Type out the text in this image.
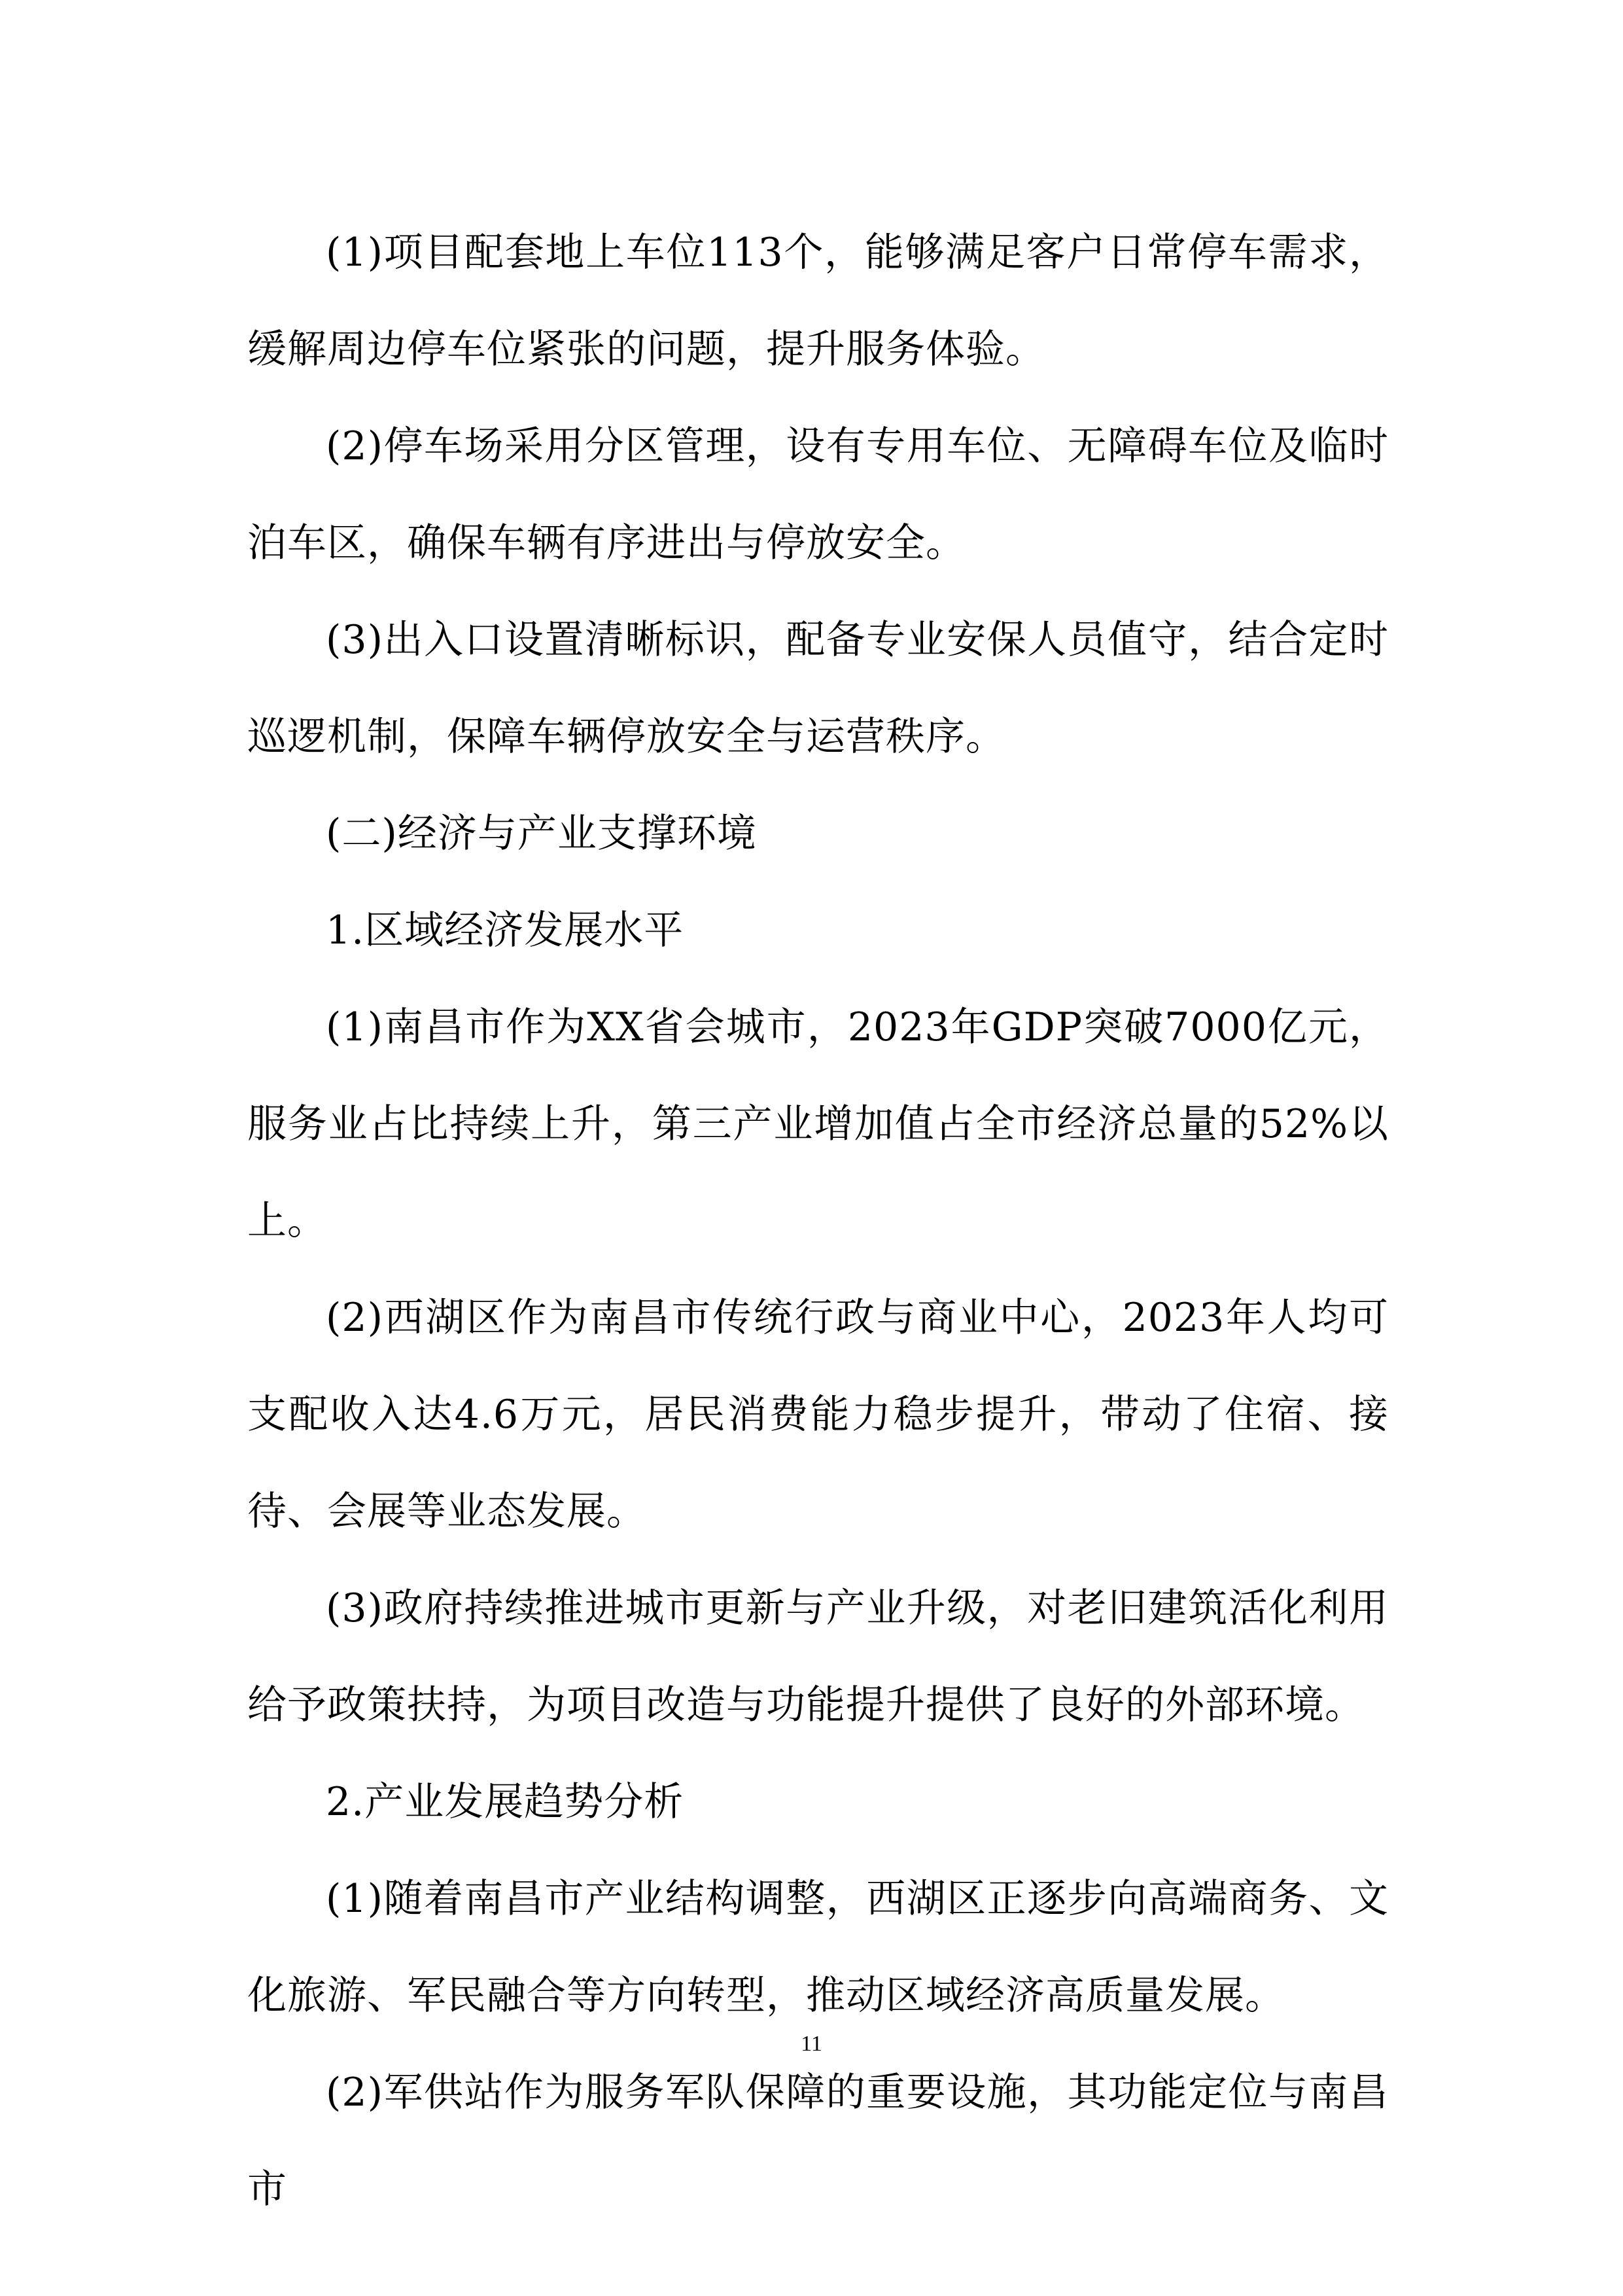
(1)项目配套地上车位113个，能够满足客户日常停车需求，缓解周边停车位紧张的问题，提升服务体验。

(2)停车场采用分区管理，设有专用车位、无障碍车位及临时泊车区，确保车辆有序进出与停放安全。

(3)出入口设置清晰标识，配备专业安保人员值守，结合定时巡逻机制，保障车辆停放安全与运营秩序。

(二)经济与产业支撑环境

1.区域经济发展水平

(1)南昌市作为XX省会城市，2023年GDP突破7000亿元，服务业占比持续上升，第三产业增加值占全市经济总量的52%以上。

(2)西湖区作为南昌市传统行政与商业中心，2023年人均可支配收入达4.6万元，居民消费能力稳步提升，带动了住宿、接待、会展等业态发展。

(3)政府持续推进城市更新与产业升级，对老旧建筑活化利用给予政策扶持，为项目改造与功能提升提供了良好的外部环境。

2.产业发展趋势分析

(1)随着南昌市产业结构调整，西湖区正逐步向高端商务、文化旅游、军民融合等方向转型，推动区域经济高质量发展。

(2)军供站作为服务军队保障的重要设施，其功能定位与南昌市

11
